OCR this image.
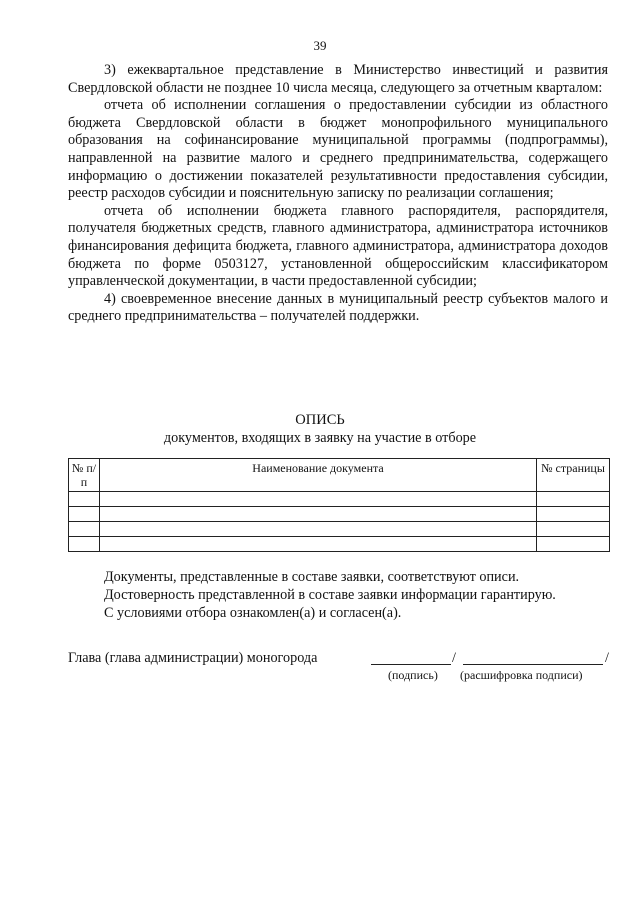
39

3) ежеквартальное представление в Министерство инвестиций и развития Свердловской области не позднее 10 числа месяца, следующего за отчетным кварталом:

отчета об исполнении соглашения о предоставлении субсидии из областного бюджета Свердловской области в бюджет монопрофильного муниципального образования на софинансирование муниципальной программы (подпрограммы), направленной на развитие малого и среднего предпринимательства, содержащего информацию о достижении показателей результативности предоставления субсидии, реестр расходов субсидии и пояснительную записку по реализации соглашения;

отчета об исполнении бюджета главного распорядителя, распорядителя, получателя бюджетных средств, главного администратора, администратора источников финансирования дефицита бюджета, главного администратора, администратора доходов бюджета по форме 0503127, установленной общероссийским классификатором управленческой документации, в части предоставленной субсидии;

4) своевременное внесение данных в муниципальный реестр субъектов малого и среднего предпринимательства – получателей поддержки.

ОПИСЬ
документов, входящих в заявку на участие в отборе
№ п/п	Наименование документа	№ страницы

Документы, представленные в составе заявки, соответствуют описи.

Достоверность представленной в составе заявки информации гарантирую.

С условиями отбора ознакомлен(а) и согласен(а).

Глава (глава администрации) моногорода	/	/
(подпись) (расшифровка подписи)
